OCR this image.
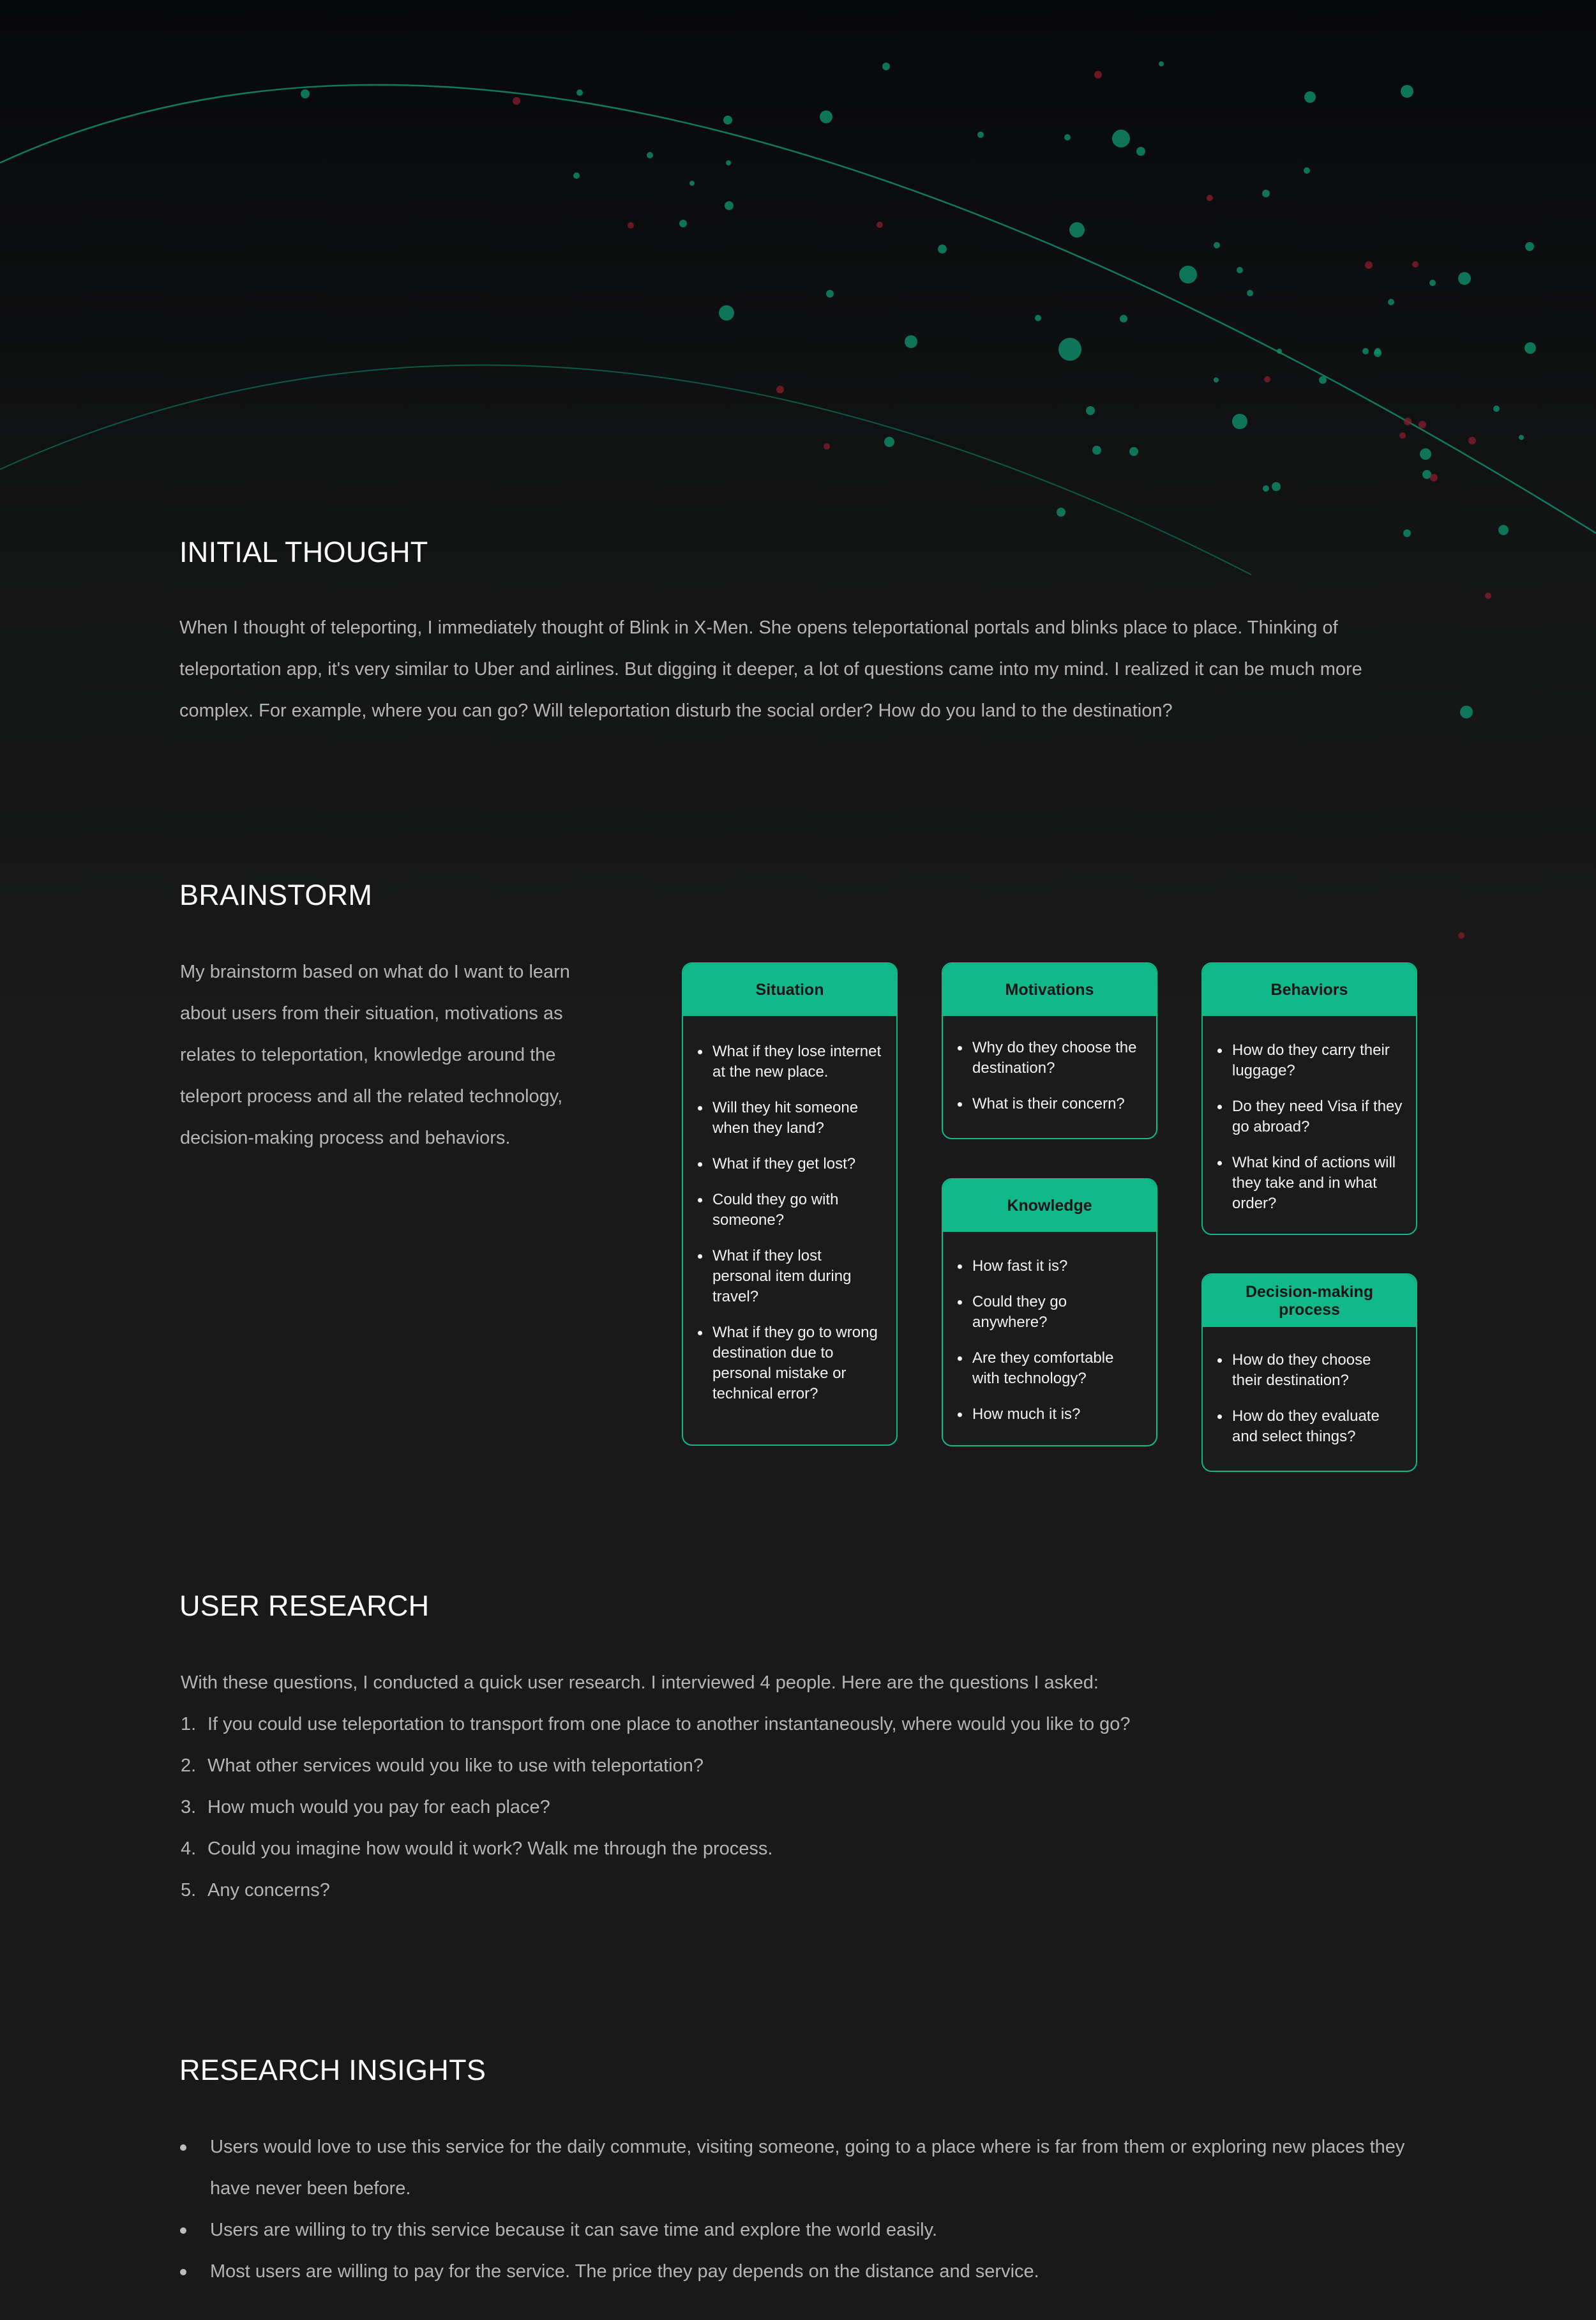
INITIAL THOUGHT

When I thought of teleporting, I immediately thought of Blink in X-Men. She opens teleportational portals and blinks place to place. Thinking of teleportation app, it's very similar to Uber and airlines. But digging it deeper, a lot of questions came into my mind. I realized it can be much more complex. For example, where you can go? Will teleportation disturb the social order? How do you land to the destination?

BRAINSTORM

My brainstorm based on what do I want to learn about users from their situation, motivations as relates to teleportation, knowledge around the teleport process and all the related technology, decision-making process and behaviors.

Situation
What if they lose internet at the new place.
Will they hit someone when they land?
What if they get lost?
Could they go with someone?
What if they lost personal item during travel?
What if they go to wrong destination due to personal mistake or technical error?
Motivations
Why do they choose the destination?
What is their concern?
Knowledge
How fast it is?
Could they go anywhere?
Are they comfortable with technology?
How much it is?
Behaviors
How do they carry their luggage?
Do they need Visa if they go abroad?
What kind of actions will they take and in what order?
Decision-making process
How do they choose their destination?
How do they evaluate and select things?
USER RESEARCH

With these questions, I conducted a quick user research. I interviewed 4 people. Here are the questions I asked:

1. If you could use teleportation to transport from one place to another instantaneously, where would you like to go?
2. What other services would you like to use with teleportation?
3. How much would you pay for each place?
4. Could you imagine how would it work? Walk me through the process.
5. Any concerns?
RESEARCH INSIGHTS
Users would love to use this service for the daily commute, visiting someone, going to a place where is far from them or exploring new places they have never been before.
Users are willing to try this service because it can save time and explore the world easily.
Most users are willing to pay for the service. The price they pay depends on the distance and service.
